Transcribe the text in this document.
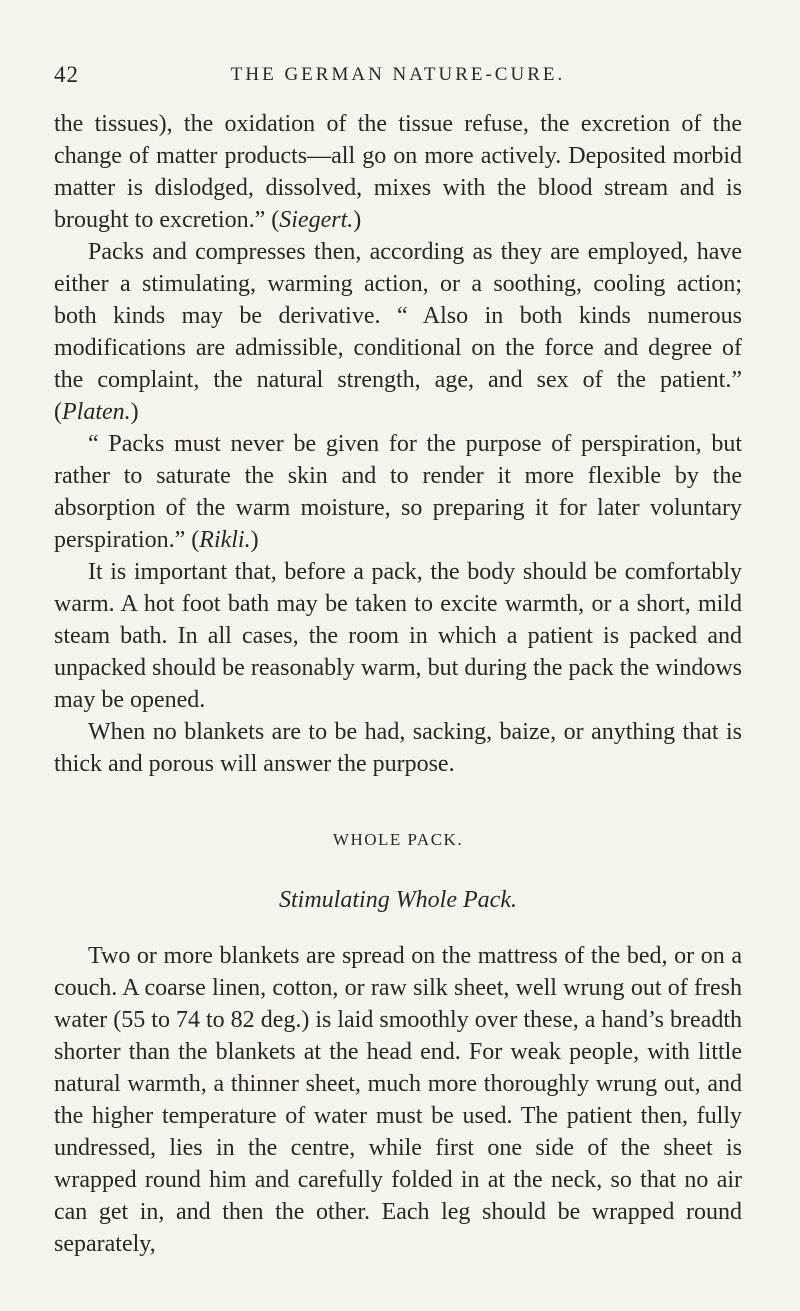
42	THE GERMAN NATURE-CURE.

the tissues), the oxidation of the tissue refuse, the excretion of the change of matter products—all go on more actively. Deposited morbid matter is dislodged, dissolved, mixes with the blood stream and is brought to excretion.” (Siegert.)

Packs and compresses then, according as they are employed, have either a stimulating, warming action, or a soothing, cooling action; both kinds may be derivative. “ Also in both kinds numerous modifications are admissible, conditional on the force and degree of the complaint, the natural strength, age, and sex of the patient.” (Platen.)

“ Packs must never be given for the purpose of perspiration, but rather to saturate the skin and to render it more flexible by the absorption of the warm moisture, so preparing it for later voluntary perspiration.” (Rikli.)

It is important that, before a pack, the body should be comfortably warm. A hot foot bath may be taken to excite warmth, or a short, mild steam bath. In all cases, the room in which a patient is packed and unpacked should be reasonably warm, but during the pack the windows may be opened.

When no blankets are to be had, sacking, baize, or anything that is thick and porous will answer the purpose.

WHOLE PACK.
Stimulating Whole Pack.

Two or more blankets are spread on the mattress of the bed, or on a couch. A coarse linen, cotton, or raw silk sheet, well wrung out of fresh water (55 to 74 to 82 deg.) is laid smoothly over these, a hand’s breadth shorter than the blankets at the head end. For weak people, with little natural warmth, a thinner sheet, much more thoroughly wrung out, and the higher temperature of water must be used. The patient then, fully undressed, lies in the centre, while first one side of the sheet is wrapped round him and carefully folded in at the neck, so that no air can get in, and then the other. Each leg should be wrapped round separately,
